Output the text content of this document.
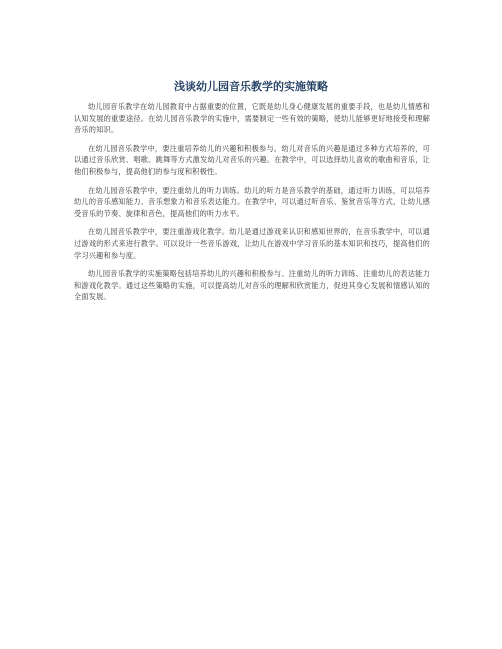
浅谈幼儿园音乐教学的实施策略

幼儿园音乐教学在幼儿园教育中占据重要的位置，它既是幼儿身心健康发展的重要手段，也是幼儿情感和认知发展的重要途径。在幼儿园音乐教学的实施中，需要制定一些有效的策略，使幼儿能够更好地接受和理解音乐的知识。

在幼儿园音乐教学中，要注重培养幼儿的兴趣和积极参与。幼儿对音乐的兴趣是通过多种方式培养的，可以通过音乐欣赏、唱歌、跳舞等方式激发幼儿对音乐的兴趣。在教学中，可以选择幼儿喜欢的歌曲和音乐，让他们积极参与，提高他们的参与度和积极性。

在幼儿园音乐教学中，要注重幼儿的听力训练。幼儿的听力是音乐教学的基础，通过听力训练，可以培养幼儿的音乐感知能力、音乐想象力和音乐表达能力。在教学中，可以通过听音乐、鉴赏音乐等方式，让幼儿感受音乐的节奏、旋律和音色，提高他们的听力水平。

在幼儿园音乐教学中，要注重游戏化教学。幼儿是通过游戏来认识和感知世界的，在音乐教学中，可以通过游戏的形式来进行教学。可以设计一些音乐游戏，让幼儿在游戏中学习音乐的基本知识和技巧，提高他们的学习兴趣和参与度。

幼儿园音乐教学的实施策略包括培养幼儿的兴趣和积极参与、注重幼儿的听力训练、注重幼儿的表达能力和游戏化教学。通过这些策略的实施，可以提高幼儿对音乐的理解和欣赏能力，促进其身心发展和情感认知的全面发展。
